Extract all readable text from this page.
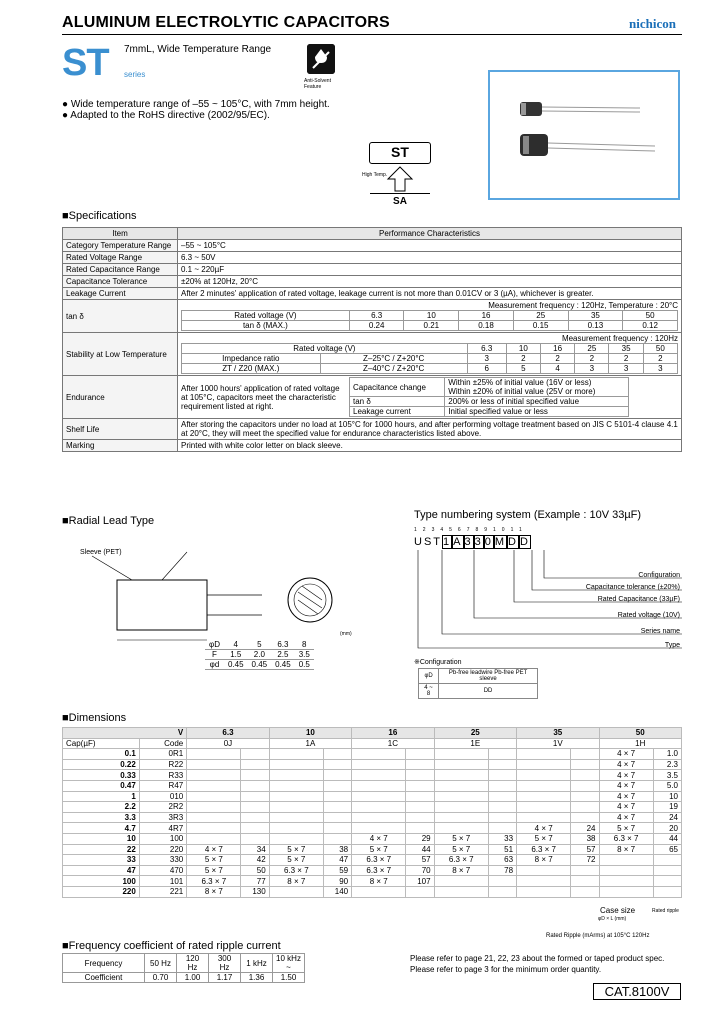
ALUMINUM ELECTROLYTIC CAPACITORS	nichicon
ST series
7mmL, Wide Temperature Range
Anti-Solvent Feature
● Wide temperature range of –55 ~ 105°C, with 7mm height.
● Adapted to the RoHS directive (2002/95/EC).
ST
High Temp.
SA
■Specifications
Item	Performance Characteristics
Category Temperature Range	–55 ~ 105°C
Rated Voltage Range	6.3 ~ 50V
Rated Capacitance Range	0.1 ~ 220µF
Capacitance Tolerance	±20% at 120Hz, 20°C
Leakage Current	After 2 minutes' application of rated voltage, leakage current is not more than 0.01CV or 3 (µA), whichever is greater.
tan δ	
Measurement frequency : 120Hz, Temperature : 20°C
Rated voltage (V)	6.3	10	16	25	35	50
tan δ (MAX.)	0.24	0.21	0.18	0.15	0.13	0.12

Stability at Low Temperature	
Measurement frequency : 120Hz
Rated voltage (V)	6.3	10	16	25	35	50
Impedance ratio	Z–25°C / Z+20°C	3	2	2	2	2	2
ZT / Z20 (MAX.)	Z–40°C / Z+20°C	6	5	4	3	3	3

Endurance	
After 1000 hours' application of rated voltage at 105°C, capacitors meet the characteristic requirement listed at right.
Capacitance change	Within ±25% of initial value (16V or less)
Within ±20% of initial value (25V or more)

tan δ	200% or less of initial specified value
Leakage current	Initial specified value or less

Shelf Life	After storing the capacitors under no load at 105°C for 1000 hours, and after performing voltage treatment based on JIS C 5101-4 clause 4.1 at 20°C, they will meet the specified value for endurance characteristics listed above.
Marking	Printed with white color letter on black sleeve.
■Radial Lead Type
Sleeve (PET)
φD	4	5	6.3	8
F	1.5	2.0	2.5	3.5
φd	0.45	0.45	0.45	0.5
(mm)
Type numbering system (Example : 10V 33µF)
1234567891011
UST1 A 3 3 0 M D D
Configuration
Capacitance tolerance (±20%)
Rated Capacitance (33µF)
Rated voltage (10V)
Series name
Type
※Configuration
φD	Pb-free leadwire Pb-free PET sleeve
4 ~ 8	DD
■Dimensions
V		6.3		10		16		25		35		50	
Cap(µF)	Code	0J		1A		1C		1E		1V		1H	
0.1	0R1											4 × 7	1.0
0.22	R22											4 × 7	2.3
0.33	R33											4 × 7	3.5
0.47	R47											4 × 7	5.0
1	010											4 × 7	10
2.2	2R2											4 × 7	19
3.3	3R3											4 × 7	24
4.7	4R7									4 × 7	24	5 × 7	20
10	100					4 × 7	29	5 × 7	33	5 × 7	38	6.3 × 7	44
22	220	4 × 7	34	5 × 7	38	5 × 7	44	5 × 7	51	6.3 × 7	57	8 × 7	65
33	330	5 × 7	42	5 × 7	47	6.3 × 7	57	6.3 × 7	63	8 × 7	72		
47	470	5 × 7	50	6.3 × 7	59	6.3 × 7	70	8 × 7	78				
100	101	6.3 × 7	77	8 × 7	90	8 × 7	107						
220	221	8 × 7	130		140								
Case size
φD × L (mm)
Rated ripple
Rated Ripple (mArms) at 105°C 120Hz
■Frequency coefficient of rated ripple current
Frequency	50 Hz	120 Hz	300 Hz	1 kHz	10 kHz ~
Coefficient	0.70	1.00	1.17	1.36	1.50
Please refer to page 21, 22, 23 about the formed or taped product spec.
Please refer to page 3 for the minimum order quantity.
CAT.8100V
